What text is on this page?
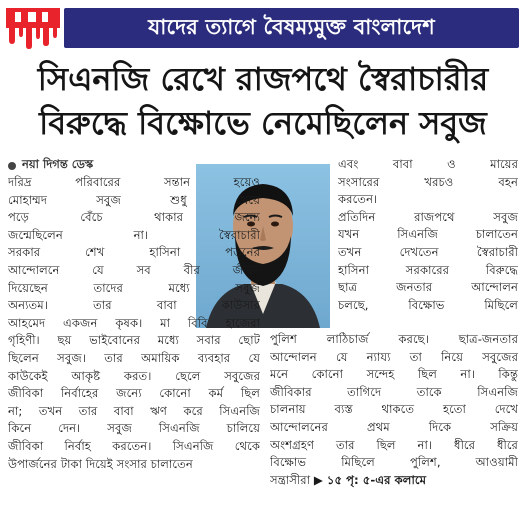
যাদের ত্যাগে বৈষম্যমুক্ত বাংলাদেশ
সিএনজি রেখে রাজপথে স্বৈরাচারীর
বিরুদ্ধে বিক্ষোভে নেমেছিলেন সবুজ
নয়া দিগন্ত ডেস্ক
দরিদ্র পরিবারের সন্তান হয়েও
মোহাম্মদ সবুজ শুধু খেয়ে
পড়ে বেঁচে থাকার জন্যে
জন্মেছিলেন না। স্বৈরাচারী
সরকার শেখ হাসিনা পতনের
আন্দোলনে যে সব বীর জীবন
দিয়েছেন তাদের মধ্যে সবুজ
অন্যতম। তার বাবা কাউসার
আহমেদ একজন কৃষক। মা বিবি হাজেরা
গৃহিণী। ছয় ভাইবোনের মধ্যে সবার ছোট
ছিলেন সবুজ। তার অমায়িক ব্যবহার যে
কাউকেই আকৃষ্ট করত। ছেলে সবুজের
জীবিকা নির্বাহের জন্যে কোনো কর্ম ছিল
না; তখন তার বাবা ঋণ করে সিএনজি
কিনে দেন। সবুজ সিএনজি চালিয়ে
জীবিকা নির্বাহ করতেন। সিএনজি থেকে
উপার্জনের টাকা দিয়েই সংসার চালাতেন
এবং বাবা ও মায়ের
সংসারের খরচও বহন
করতেন।
প্রতিদিন রাজপথে সবুজ
যখন সিএনজি চালাতেন
তখন দেখতেন স্বৈরাচারী
হাসিনা সরকারের বিরুদ্ধে
ছাত্র জনতার আন্দোলন
চলছে, বিক্ষোভ মিছিলে
পুলিশ লাঠিচার্জ করছে। ছাত্র-জনতার
আন্দোলন যে ন্যায্য তা নিয়ে সবুজের
মনে কোনো সন্দেহ ছিল না। কিন্তু
জীবিকার তাগিদে তাকে সিএনজি
চালনায় ব্যস্ত থাকতে হতো দেখে
আন্দোলনের প্রথম দিকে সক্রিয়
অংশগ্রহণ তার ছিল না। ধীরে ধীরে
বিক্ষোভ মিছিলে পুলিশ, আওয়ামী
সন্ত্রাসীরা ▶ ১৫ পৃ: ৫-এর কলামে
